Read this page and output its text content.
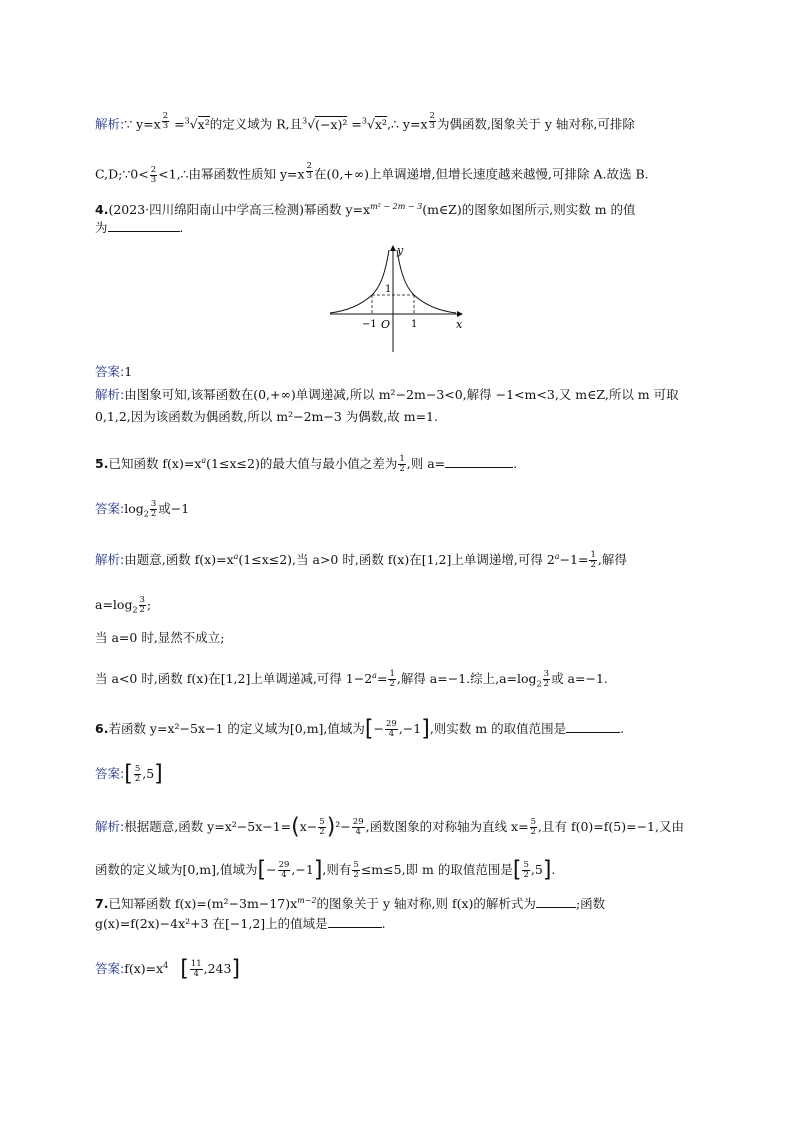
解析:∵ y=x $^{\frac{2}{3}}$ =$^3$√x²的定义域为 R,且$^3$√(−x)² =$^3$√x²,∴ y=x $^{\frac{2}{3}}$ 为偶函数,图象关于 y 轴对称,可排除
C,D;∵0< $\frac{2}{3}$ <1,∴由幂函数性质知 y=x $^{\frac{2}{3}}$ 在(0,+∞)上单调递增,但增长速度越来越慢,可排除 A.故选 B.
4.(2023·四川绵阳南山中学高三检测)幂函数 $y=x^{m^2 - 2m - 3}(m\in Z)$的图象如图所示,则实数 m 的值
为	.
y
x
O
−1	1
1
答案:1
解析:由图象可知,该幂函数在(0,+∞)单调递减,所以 m²−2m−3<0,解得 −1<m<3,又 m∈Z,所以 m 可取
0,1,2,因为该函数为偶函数,所以 m²−2m−3 为偶数,故 m=1.
5.已知函数 $f(x)=x^a(1\le x\le 2)$的最大值与最小值之差为 $\frac{1}{2}$ ,则 a=	.
答案$:\log_2 \frac{3}{2}$ 或−1
解析:由题意,函数 $f(x)=x^a(1\le x\le 2)$,当 a>0 时,函数 f(x)在[1,2]上单调递增,可得 $2^a-1= \frac{1}{2}$ ,解得
$a=\log_2 \frac{3}{2}$ ;
当 a=0 时,显然不成立;
当 a<0 时,函数 f(x)在[1,2]上单调递减,可得 $1-2^a= \frac{1}{2}$ ,解得 a=−1.综上$,a=\log_2 \frac{3}{2}$ 或 a=−1.
6.若函数 y=x²−5x−1 的定义域为[0,m],值域为[− $\frac{29}{4} ,-1$],则实数 m 的取值范围是	.
答案:[ $\frac{5}{2} ,5$]
解析:根据题意,函数 $y=x^2-5x-1=(x- \frac{5}{2} )^2- \frac{29}{4}$ ,函数图象的对称轴为直线 $x= \frac{5}{2}$ ,且有 f(0)=f(5)=−1,又由
函数的定义域为[0,m],值域为[− $\frac{29}{4} ,-1$],则有 $\frac{5}{2} \le m\le 5$,即 m 的取值范围是[ $\frac{5}{2} ,5$].
7.已知幂函数 $f(x)=(m^2-3m-17)x^{m-2}$的图象关于 y 轴对称,则 f(x)的解析式为	;函数
g(x)=f(2x)−4x²+3 在[−1,2]上的值域是	.
答案$:f(x)=x^4$ [ $\frac{11}{4} ,243$]
